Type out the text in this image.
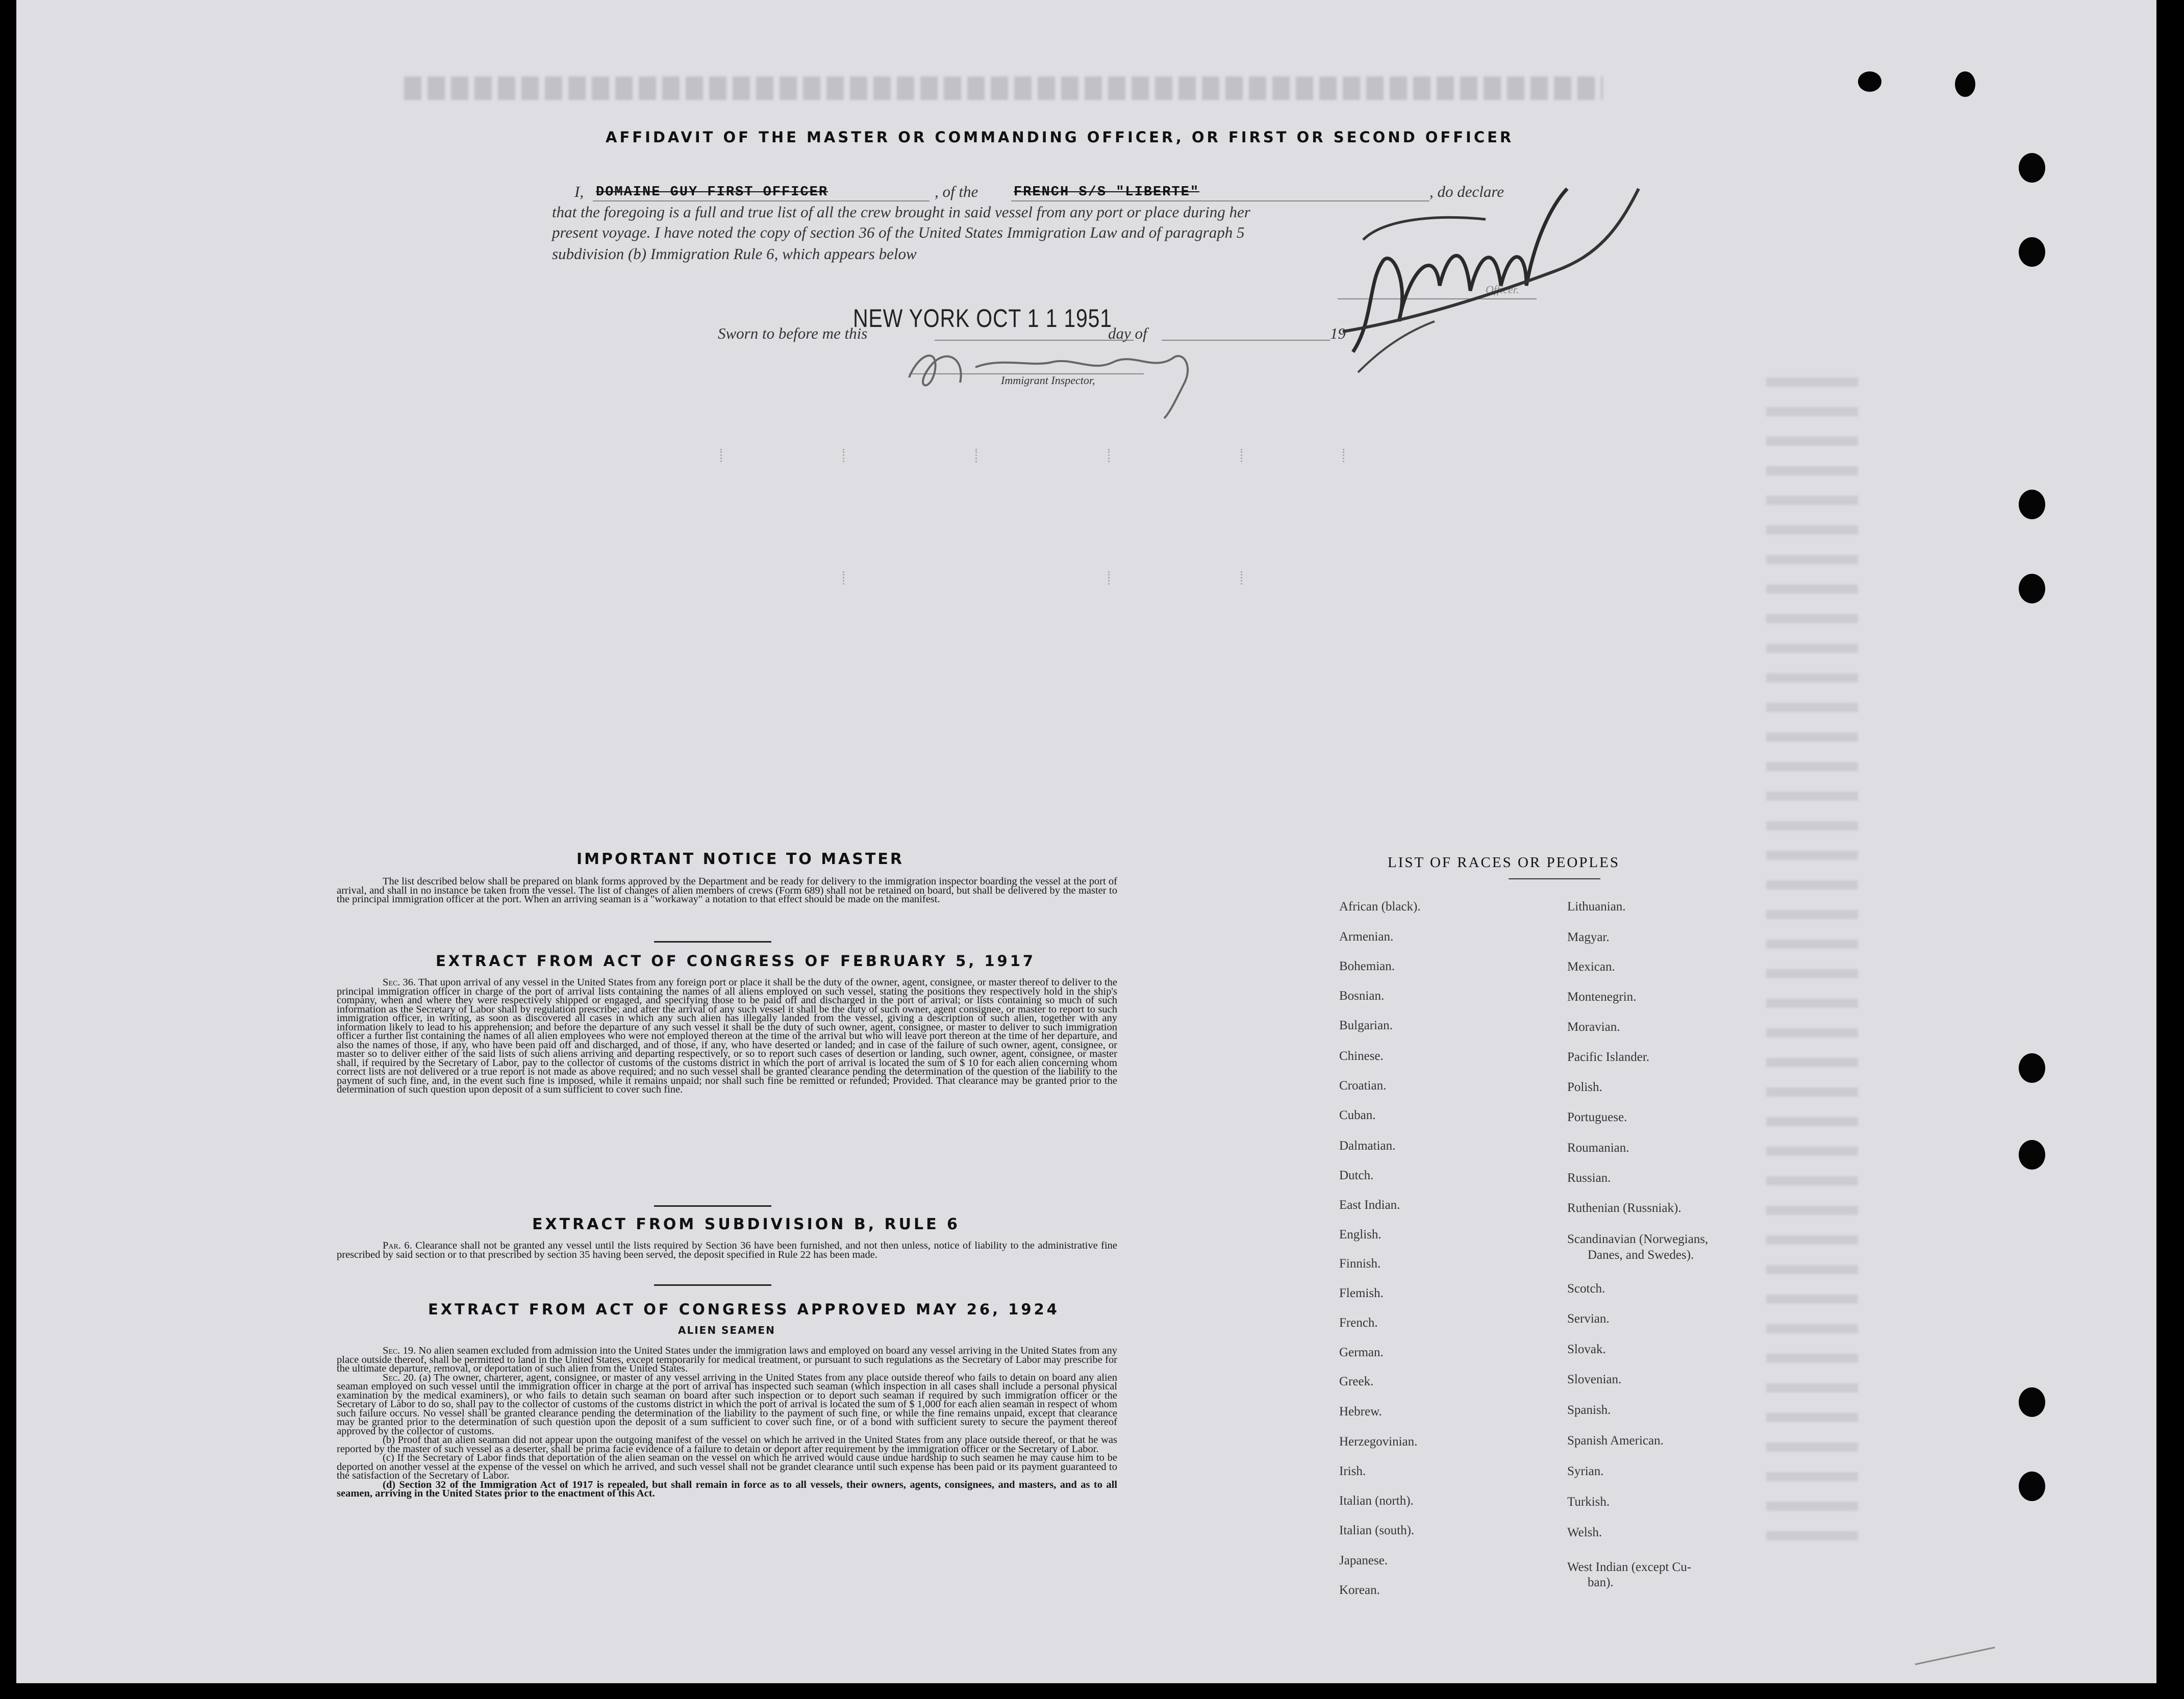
AFFIDAVIT OF THE MASTER OR COMMANDING OFFICER, OR FIRST OR SECOND OFFICER
I, DOMAINE GUY FIRST OFFICER	, of the	FRENCH S/S "LIBERTE"	, do declare
that the foregoing is a full and true list of all the crew brought in said vessel from any port or place during her
present voyage. I have noted the copy of section 36 of the United States Immigration Law and of paragraph 5
subdivision (b) Immigration Rule 6, which appears below
Officer.
NEW YORK OCT 1 1 1951
Sworn to before me this	day of	19
Immigrant Inspector,
IMPORTANT NOTICE TO MASTER
The list described below shall be prepared on blank forms approved by the Department and be ready for delivery to the immigration inspector boarding the vessel at the port of arrival, and shall in no instance be taken from the vessel. The list of changes of alien members of crews (Form 689) shall not be retained on board, but shall be delivered by the master to the principal immigration officer at the port. When an arriving seaman is a "workaway" a notation to that effect should be made on the manifest.
EXTRACT FROM ACT OF CONGRESS OF FEBRUARY 5, 1917
Sec. 36. That upon arrival of any vessel in the United States from any foreign port or place it shall be the duty of the owner, agent, consignee, or master thereof to deliver to the principal immigration officer in charge of the port of arrival lists containing the names of all aliens employed on such vessel, stating the positions they respectively hold in the ship's company, when and where they were respectively shipped or engaged, and specifying those to be paid off and discharged in the port of arrival; or lists containing so much of such information as the Secretary of Labor shall by regulation prescribe; and after the arrival of any such vessel it shall be the duty of such owner, agent consignee, or master to report to such immigration officer, in writing, as soon as discovered all cases in which any such alien has illegally landed from the vessel, giving a description of such alien, together with any information likely to lead to his apprehension; and before the departure of any such vessel it shall be the duty of such owner, agent, consignee, or master to deliver to such immigration officer a further list containing the names of all alien employees who were not employed thereon at the time of the arrival but who will leave port thereon at the time of her departure, and also the names of those, if any, who have been paid off and discharged, and of those, if any, who have deserted or landed; and in case of the failure of such owner, agent, consignee, or master so to deliver either of the said lists of such aliens arriving and departing respectively, or so to report such cases of desertion or landing, such owner, agent, consignee, or master shall, if required by the Secretary of Labor, pay to the collector of customs of the customs district in which the port of arrival is located the sum of $ 10 for each alien concerning whom correct lists are not delivered or a true report is not made as above required; and no such vessel shall be granted clearance pending the determination of the question of the liability to the payment of such fine, and, in the event such fine is imposed, while it remains unpaid; nor shall such fine be remitted or refunded; Provided. That clearance may be granted prior to the determination of such question upon deposit of a sum sufficient to cover such fine.
EXTRACT FROM SUBDIVISION B, RULE 6
Par. 6. Clearance shall not be granted any vessel until the lists required by Section 36 have been furnished, and not then unless, notice of liability to the administrative fine prescribed by said section or to that prescribed by section 35 having been served, the deposit specified in Rule 22 has been made.
EXTRACT FROM ACT OF CONGRESS APPROVED MAY 26, 1924
ALIEN SEAMEN
Sec. 19. No alien seamen excluded from admission into the United States under the immigration laws and employed on board any vessel arriving in the United States from any place outside thereof, shall be permitted to land in the United States, except temporarily for medical treatment, or pursuant to such regulations as the Secretary of Labor may prescribe for the ultimate departure, removal, or deportation of such alien from the United States.
Sec. 20. (a) The owner, charterer, agent, consignee, or master of any vessel arriving in the United States from any place outside thereof who fails to detain on board any alien seaman employed on such vessel until the immigration officer in charge at the port of arrival has inspected such seaman (which inspection in all cases shall include a personal physical examination by the medical examiners), or who fails to detain such seaman on board after such inspection or to deport such seaman if required by such immigration officer or the Secretary of Labor to do so, shall pay to the collector of customs of the customs district in which the port of arrival is located the sum of $ 1,000 for each alien seaman in respect of whom such failure occurs. No vessel shall be granted clearance pending the determination of the liability to the payment of such fine, or while the fine remains unpaid, except that clearance may be granted prior to the determination of such question upon the deposit of a sum sufficient to cover such fine, or of a bond with sufficient surety to secure the payment thereof approved by the collector of customs.
(b) Proof that an alien seaman did not appear upon the outgoing manifest of the vessel on which he arrived in the United States from any place outside thereof, or that he was reported by the master of such vessel as a deserter, shall be prima facie evidence of a failure to detain or deport after requirement by the immigration officer or the Secretary of Labor.
(c) If the Secretary of Labor finds that deportation of the alien seaman on the vessel on which he arrived would cause undue hardship to such seamen he may cause him to be deported on another vessel at the expense of the vessel on which he arrived, and such vessel shall not be grandet clearance until such expense has been paid or its payment guaranteed to the satisfaction of the Secretary of Labor.
(d) Section 32 of the Immigration Act of 1917 is repealed, but shall remain in force as to all vessels, their owners, agents, consignees, and masters, and as to all seamen, arriving in the United States prior to the enactment of this Act.
LIST OF RACES OR PEOPLES
African (black).
Armenian.
Bohemian.
Bosnian.
Bulgarian.
Chinese.
Croatian.
Cuban.
Dalmatian.
Dutch.
East Indian.
English.
Finnish.
Flemish.
French.
German.
Greek.
Hebrew.
Herzegovinian.
Irish.
Italian (north).
Italian (south).
Japanese.
Korean.
Lithuanian.
Magyar.
Mexican.
Montenegrin.
Moravian.
Pacific Islander.
Polish.
Portuguese.
Roumanian.
Russian.
Ruthenian (Russniak).
Scandinavian (Norwegians,
Danes, and Swedes).
Scotch.
Servian.
Slovak.
Slovenian.
Spanish.
Spanish American.
Syrian.
Turkish.
Welsh.
West Indian (except Cu-
ban).
